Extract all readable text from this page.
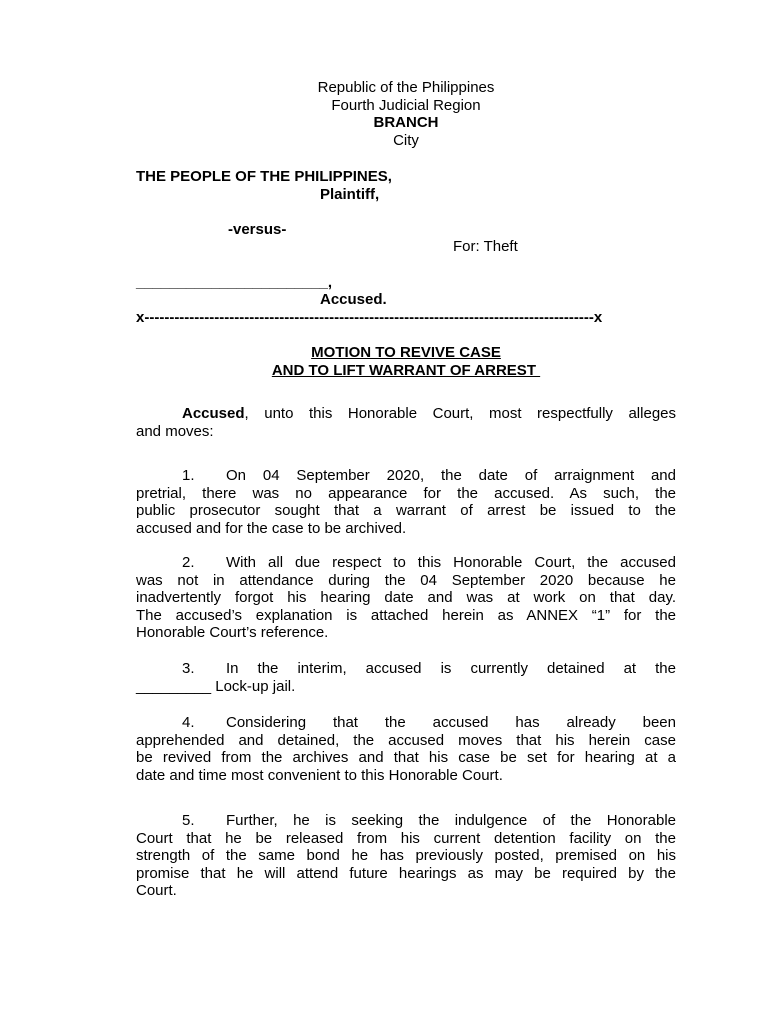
Republic of the Philippines
Fourth Judicial Region
BRANCH
City
THE PEOPLE OF THE PHILIPPINES,
Plaintiff,
-versus-
For: Theft
_______________________,
Accused.
x------------------------------------------------------------------------------------------x
MOTION TO REVIVE CASE
AND TO LIFT WARRANT OF ARREST
Accused, unto this Honorable Court, most respectfully alleges
and moves:
1. On 04 September 2020, the date of arraignment and
pretrial, there was no appearance for the accused. As such, the
public prosecutor sought that a warrant of arrest be issued to the
accused and for the case to be archived.
2. With all due respect to this Honorable Court, the accused
was not in attendance during the 04 September 2020 because he
inadvertently forgot his hearing date and was at work on that day.
The accused’s explanation is attached herein as ANNEX “1” for the
Honorable Court’s reference.
3. In the interim, accused is currently detained at the
_________ Lock-up jail.
4. Considering that the accused has already been
apprehended and detained, the accused moves that his herein case
be revived from the archives and that his case be set for hearing at a
date and time most convenient to this Honorable Court.
5. Further, he is seeking the indulgence of the Honorable
Court that he be released from his current detention facility on the
strength of the same bond he has previously posted, premised on his
promise that he will attend future hearings as may be required by the
Court.
